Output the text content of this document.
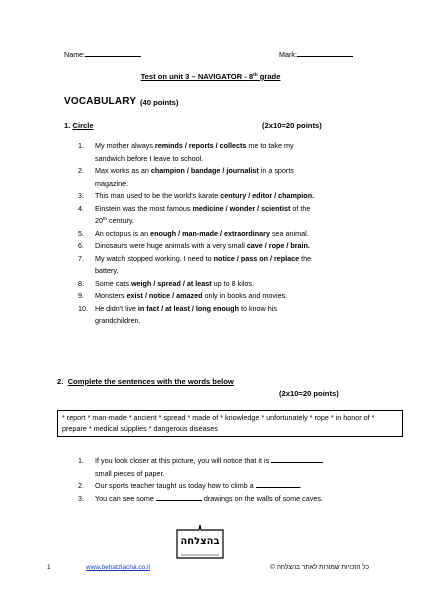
Name:	Mark:
Test on unit 3 – NAVIGATOR - 8th grade
VOCABULARY (40 points)
1. Circle	(2x10=20 points)
1. My mother always reminds / reports / collects me to take my
sandwich before I leave to school.
2. Max works as an champion / bandage / journalist in a sports
magazine.
3. This man used to be the world's karate century / editor / champion.
4. Einstein was the most famous medicine / wonder / scientist of the
20th century.
5. An octopus is an enough / man-made / extraordinary sea animal.
6. Dinosaurs were huge animals with a very small cave / rope / brain.
7. My watch stopped working. I need to notice / pass on / replace the
battery.
8. Some cats weigh / spread / at least up to 8 kilos.
9. Monsters exist / notice / amazed only in books and movies.
10. He didn't live in fact / at least / long enough to know his
grandchildren.
2. Complete the sentences with the words below
(2x10=20 points)
* report * man-made * ancient * spread * made of * knowledge * unfortunately * rope * in honor of * prepare * medical supplies * dangerous diseases
1. If you look closer at this picture, you will notice that it is
small pieces of paper.
2. Our sports teacher taught us today how to climb a	.
3. You can see some	drawings on the walls of some caves.
בהצלחה
1	www.behatzlacha.co.il	כל הזכויות שמורות לאתר בהצלחה ©
